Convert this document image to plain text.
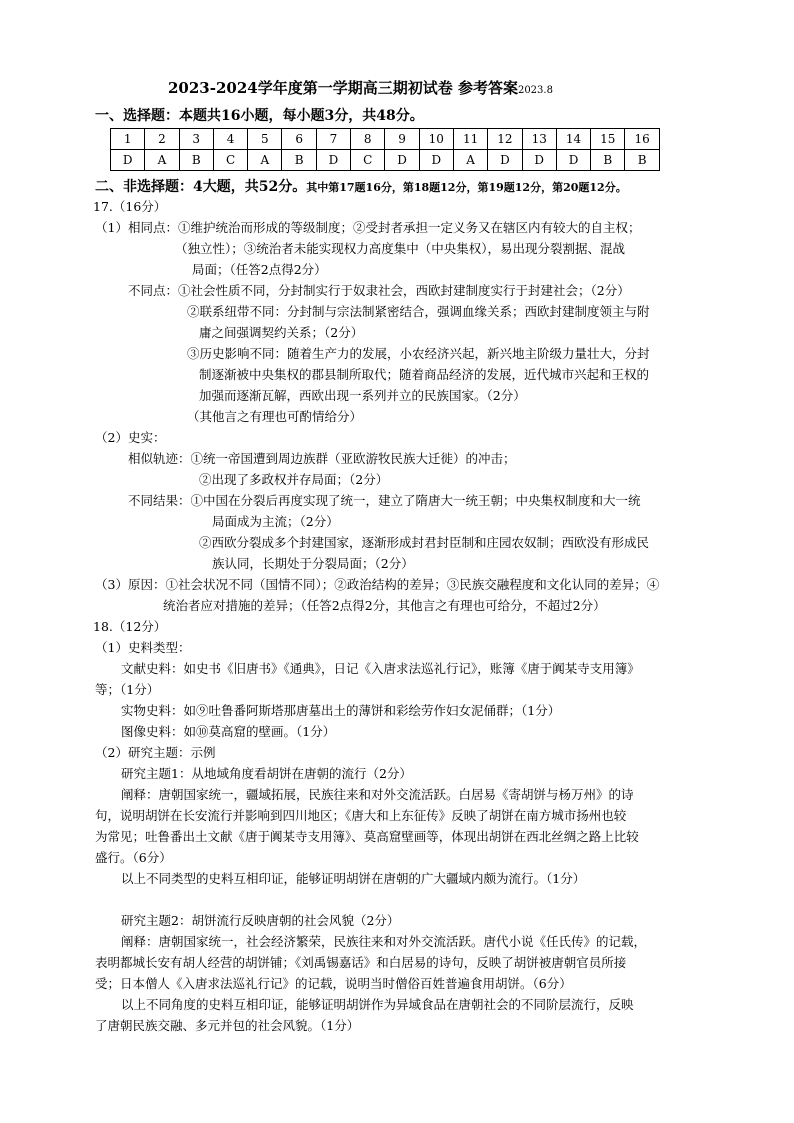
2023-2024学年度第一学期高三期初试卷 参考答案2023.8
一、选择题：本题共16小题，每小题3分，共48分。
1	2	3	4	5	6	7	8	9	10	11	12	13	14	15	16
D	A	B	C	A	B	D	C	D	D	A	D	D	D	B	B
二、非选择题：4大题，共52分。其中第17题16分，第18题12分，第19题12分，第20题12分。
17.（16分）
（1）相同点：①维护统治而形成的等级制度；②受封者承担一定义务又在辖区内有较大的自主权；
（独立性）；③统治者未能实现权力高度集中（中央集权），易出现分裂割据、混战
局面；（任答2点得2分）
不同点：①社会性质不同，分封制实行于奴隶社会，西欧封建制度实行于封建社会；（2分）
②联系纽带不同：分封制与宗法制紧密结合，强调血缘关系；西欧封建制度领主与附
庸之间强调契约关系；（2分）
③历史影响不同：随着生产力的发展，小农经济兴起，新兴地主阶级力量壮大，分封
制逐渐被中央集权的郡县制所取代；随着商品经济的发展，近代城市兴起和王权的
加强而逐渐瓦解，西欧出现一系列并立的民族国家。（2分）
（其他言之有理也可酌情给分）
（2）史实：
相似轨迹：①统一帝国遭到周边族群（亚欧游牧民族大迁徙）的冲击；
②出现了多政权并存局面；（2分）
不同结果：①中国在分裂后再度实现了统一，建立了隋唐大一统王朝；中央集权制度和大一统
局面成为主流；（2分）
②西欧分裂成多个封建国家，逐渐形成封君封臣制和庄园农奴制；西欧没有形成民
族认同，长期处于分裂局面；（2分）
（3）原因：①社会状况不同（国情不同）；②政治结构的差异；③民族交融程度和文化认同的差异；④
统治者应对措施的差异；（任答2点得2分，其他言之有理也可给分，不超过2分）
18.（12分）
（1）史料类型：
文献史料：如史书《旧唐书》《通典》，日记《入唐求法巡礼行记》，账簿《唐于阗某寺支用簿》
等；（1分）
实物史料：如⑨吐鲁番阿斯塔那唐墓出土的薄饼和彩绘劳作妇女泥俑群；（1分）
图像史料：如⑩莫高窟的壁画。（1分）
（2）研究主题：示例
研究主题1：从地域角度看胡饼在唐朝的流行（2分）
阐释：唐朝国家统一，疆域拓展，民族往来和对外交流活跃。白居易《寄胡饼与杨万州》的诗
句，说明胡饼在长安流行并影响到四川地区；《唐大和上东征传》反映了胡饼在南方城市扬州也较
为常见；吐鲁番出土文献《唐于阗某寺支用簿》、莫高窟壁画等，体现出胡饼在西北丝绸之路上比较
盛行。（6分）
以上不同类型的史料互相印证，能够证明胡饼在唐朝的广大疆域内颇为流行。（1分）
研究主题2：胡饼流行反映唐朝的社会风貌（2分）
阐释：唐朝国家统一，社会经济繁荣，民族往来和对外交流活跃。唐代小说《任氏传》的记载，
表明都城长安有胡人经营的胡饼铺；《刘禹锡嘉话》和白居易的诗句，反映了胡饼被唐朝官员所接
受；日本僧人《入唐求法巡礼行记》的记载，说明当时僧俗百姓普遍食用胡饼。（6分）
以上不同角度的史料互相印证，能够证明胡饼作为异域食品在唐朝社会的不同阶层流行，反映
了唐朝民族交融、多元并包的社会风貌。（1分）
